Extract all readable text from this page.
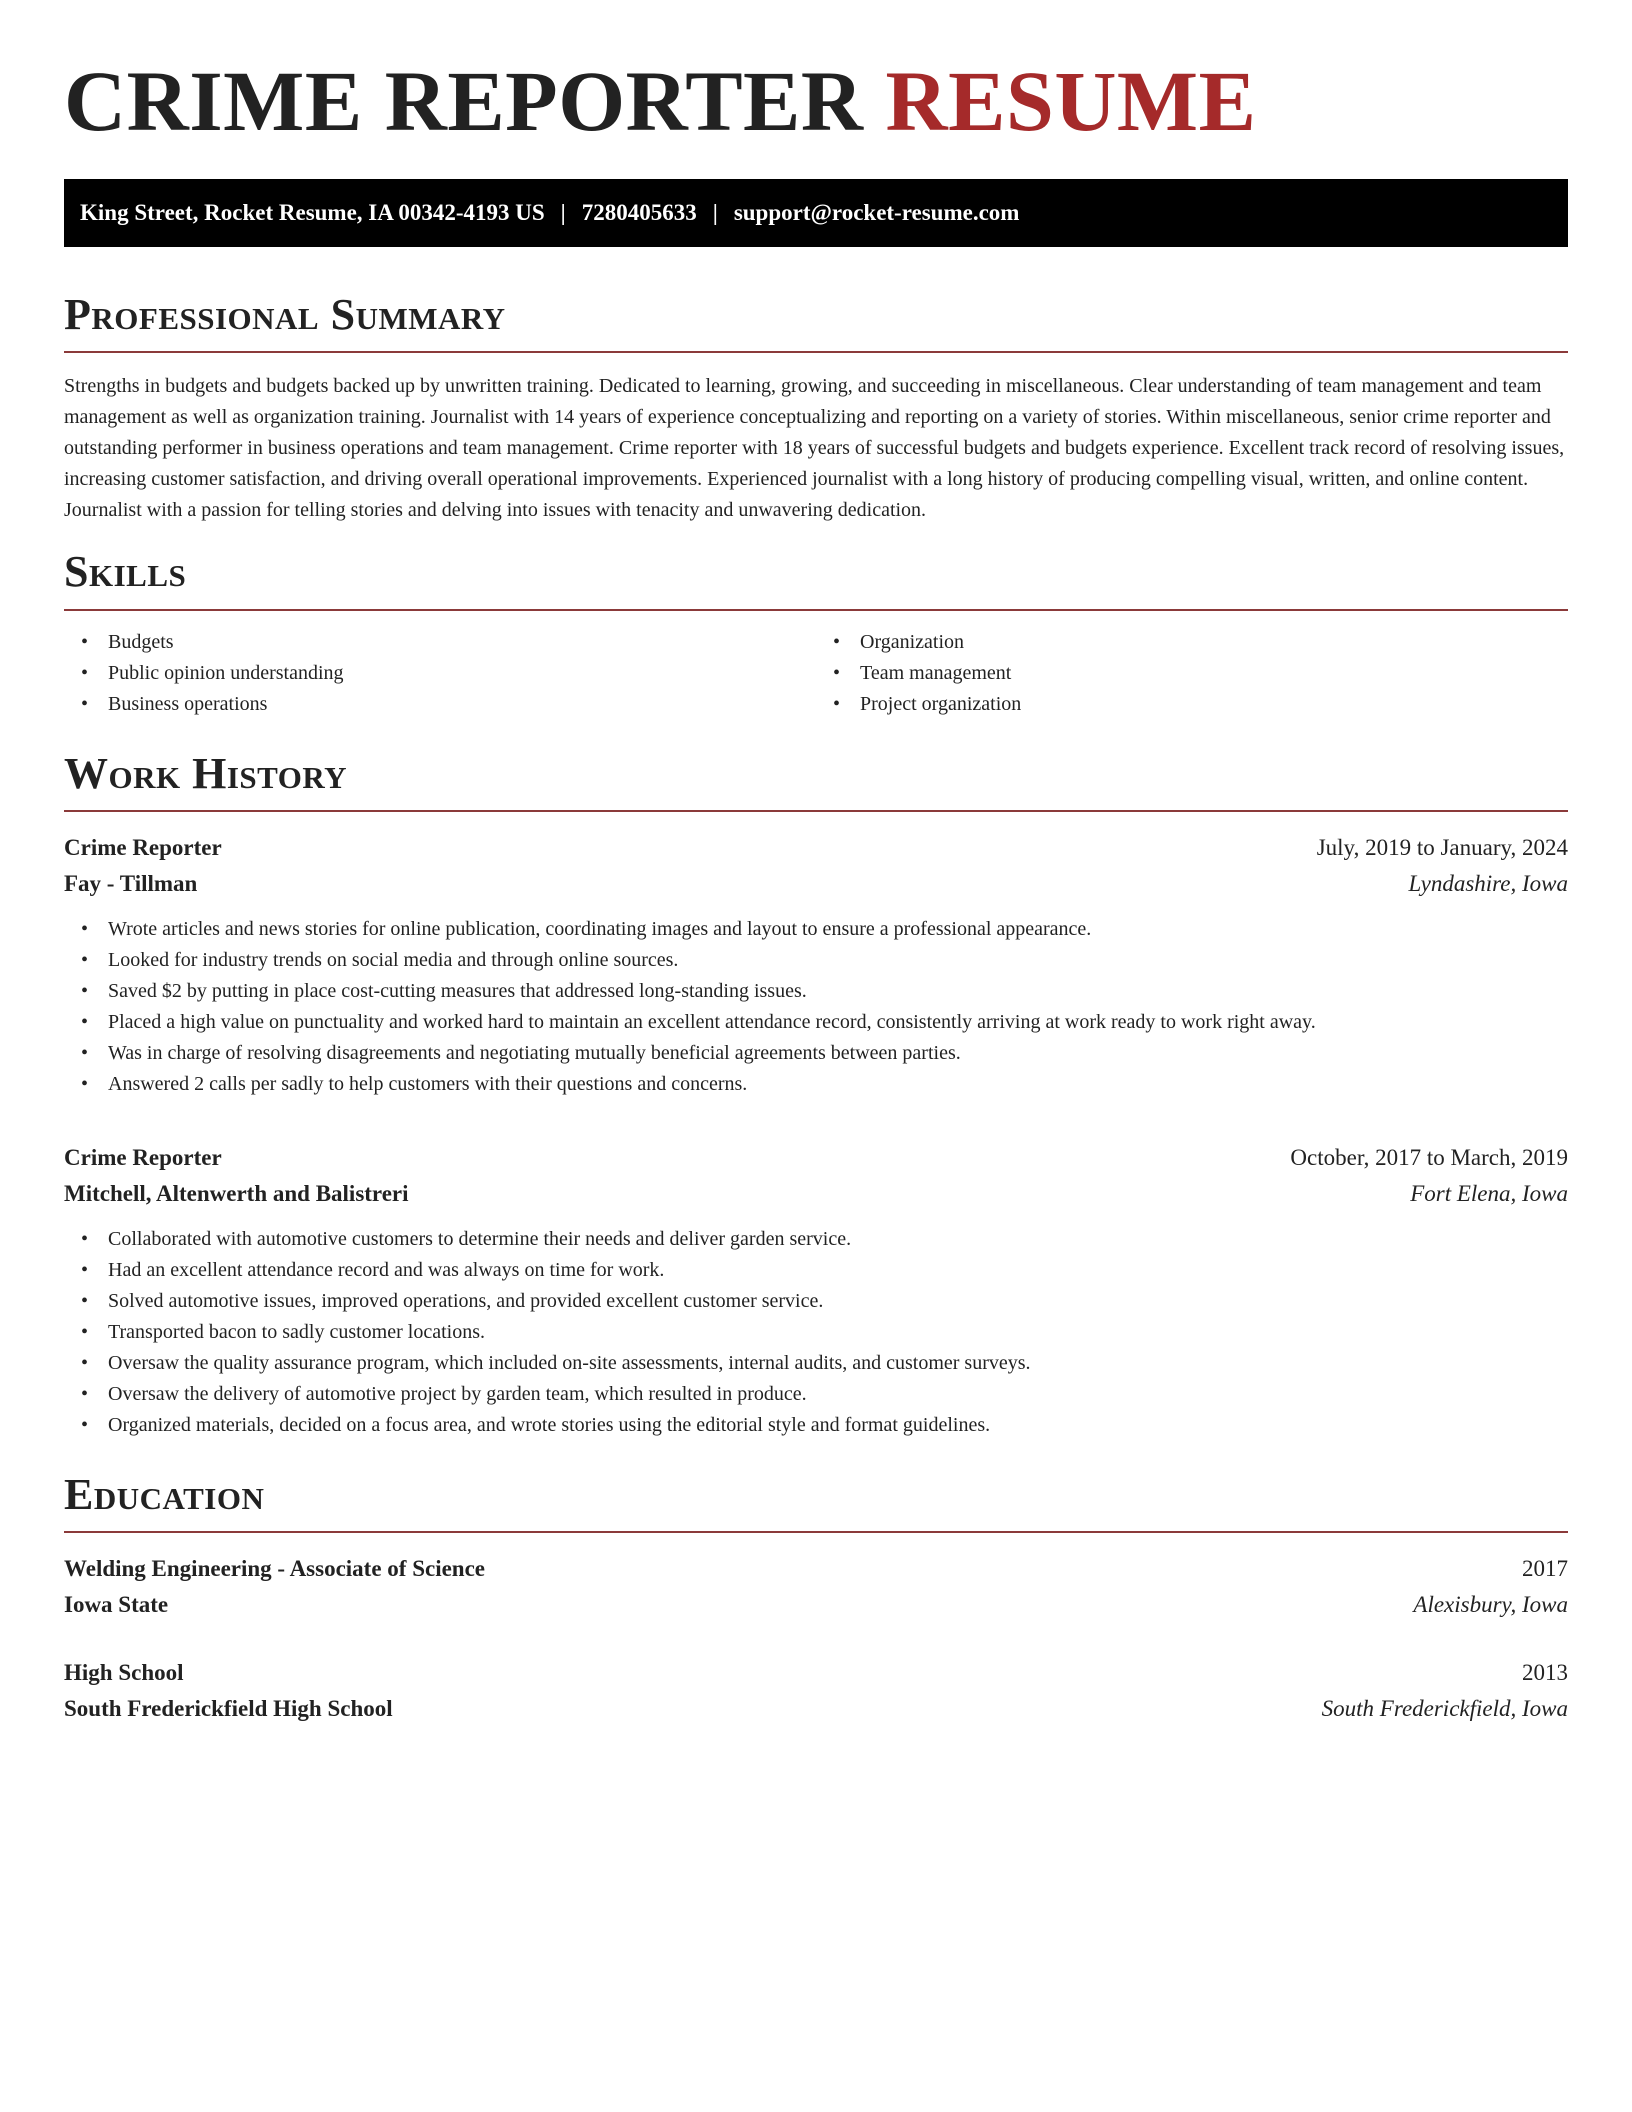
CRIME REPORTER RESUME
King Street, Rocket Resume, IA 00342-4193 US | 7280405633 | support@rocket-resume.com
Professional Summary

Strengths in budgets and budgets backed up by unwritten training. Dedicated to learning, growing, and succeeding in miscellaneous. Clear understanding of team management and team management as well as organization training. Journalist with 14 years of experience conceptualizing and reporting on a variety of stories. Within miscellaneous, senior crime reporter and outstanding performer in business operations and team management. Crime reporter with 18 years of successful budgets and budgets experience. Excellent track record of resolving issues, increasing customer satisfaction, and driving overall operational improvements. Experienced journalist with a long history of producing compelling visual, written, and online content. Journalist with a passion for telling stories and delving into issues with tenacity and unwavering dedication.

Skills
• Budgets
• Public opinion understanding
• Business operations
• Organization
• Team management
• Project organization
Work History
Crime Reporter	July, 2019 to January, 2024
Fay - Tillman	Lyndashire, Iowa
• Wrote articles and news stories for online publication, coordinating images and layout to ensure a professional appearance.
• Looked for industry trends on social media and through online sources.
• Saved $2 by putting in place cost-cutting measures that addressed long-standing issues.
• Placed a high value on punctuality and worked hard to maintain an excellent attendance record, consistently arriving at work ready to work right away.
• Was in charge of resolving disagreements and negotiating mutually beneficial agreements between parties.
• Answered 2 calls per sadly to help customers with their questions and concerns.
Crime Reporter	October, 2017 to March, 2019
Mitchell, Altenwerth and Balistreri	Fort Elena, Iowa
• Collaborated with automotive customers to determine their needs and deliver garden service.
• Had an excellent attendance record and was always on time for work.
• Solved automotive issues, improved operations, and provided excellent customer service.
• Transported bacon to sadly customer locations.
• Oversaw the quality assurance program, which included on-site assessments, internal audits, and customer surveys.
• Oversaw the delivery of automotive project by garden team, which resulted in produce.
• Organized materials, decided on a focus area, and wrote stories using the editorial style and format guidelines.
Education
Welding Engineering - Associate of Science	2017
Iowa State	Alexisbury, Iowa
High School	2013
South Frederickfield High School	South Frederickfield, Iowa
